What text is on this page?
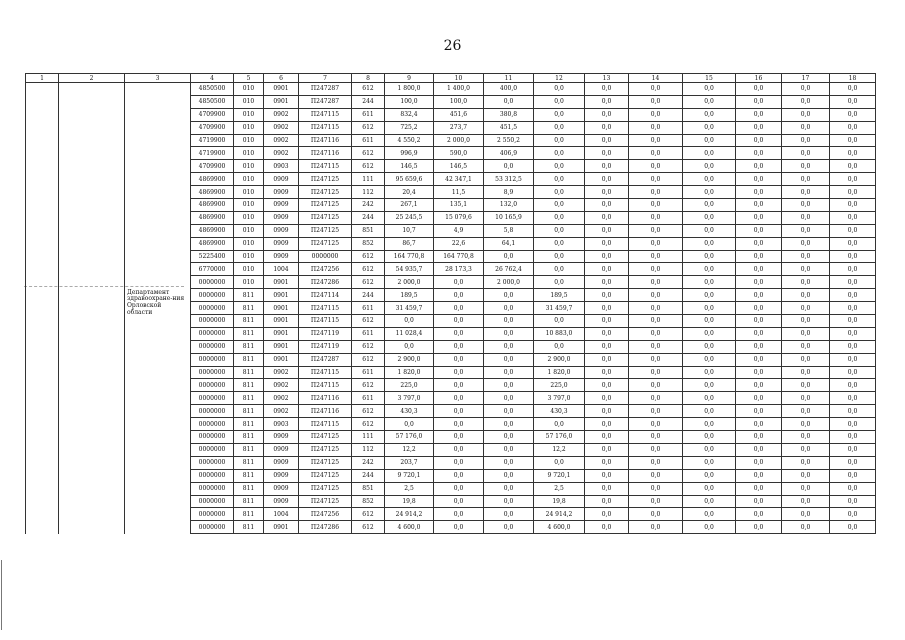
26
1	2	3	4	5	6	7	8	9	10	11	12	13	14	15	16	17	18
			4850500	010	0901	П247287	612	1 800,0	1 400,0	400,0	0,0	0,0	0,0	0,0	0,0	0,0	0,0
			4850500	010	0901	П247287	244	100,0	100,0	0,0	0,0	0,0	0,0	0,0	0,0	0,0	0,0
			4709900	010	0902	П247115	611	832,4	451,6	380,8	0,0	0,0	0,0	0,0	0,0	0,0	0,0
			4709900	010	0902	П247115	612	725,2	273,7	451,5	0,0	0,0	0,0	0,0	0,0	0,0	0,0
			4719900	010	0902	П247116	611	4 550,2	2 000,0	2 550,2	0,0	0,0	0,0	0,0	0,0	0,0	0,0
			4719900	010	0902	П247116	612	996,9	590,0	406,9	0,0	0,0	0,0	0,0	0,0	0,0	0,0
			4709900	010	0903	П247115	612	146,5	146,5	0,0	0,0	0,0	0,0	0,0	0,0	0,0	0,0
			4869900	010	0909	П247125	111	95 659,6	42 347,1	53 312,5	0,0	0,0	0,0	0,0	0,0	0,0	0,0
			4869900	010	0909	П247125	112	20,4	11,5	8,9	0,0	0,0	0,0	0,0	0,0	0,0	0,0
			4869900	010	0909	П247125	242	267,1	135,1	132,0	0,0	0,0	0,0	0,0	0,0	0,0	0,0
			4869900	010	0909	П247125	244	25 245,5	15 079,6	10 165,9	0,0	0,0	0,0	0,0	0,0	0,0	0,0
			4869900	010	0909	П247125	851	10,7	4,9	5,8	0,0	0,0	0,0	0,0	0,0	0,0	0,0
			4869900	010	0909	П247125	852	86,7	22,6	64,1	0,0	0,0	0,0	0,0	0,0	0,0	0,0
			5225400	010	0909	0000000	612	164 770,8	164 770,8	0,0	0,0	0,0	0,0	0,0	0,0	0,0	0,0
			6770000	010	1004	П247256	612	54 935,7	28 173,3	26 762,4	0,0	0,0	0,0	0,0	0,0	0,0	0,0
			0000000	010	0901	П247286	612	2 000,0	0,0	2 000,0	0,0	0,0	0,0	0,0	0,0	0,0	0,0
		Департамент здравоохране-ния Орловской области	0000000	811	0901	П247114	244	189,5	0,0	0,0	189,5	0,0	0,0	0,0	0,0	0,0	0,0
			0000000	811	0901	П247115	611	31 459,7	0,0	0,0	31 459,7	0,0	0,0	0,0	0,0	0,0	0,0
			0000000	811	0901	П247115	612	0,0	0,0	0,0	0,0	0,0	0,0	0,0	0,0	0,0	0,0
			0000000	811	0901	П247119	611	11 028,4	0,0	0,0	10 883,0	0,0	0,0	0,0	0,0	0,0	0,0
			0000000	811	0901	П247119	612	0,0	0,0	0,0	0,0	0,0	0,0	0,0	0,0	0,0	0,0
			0000000	811	0901	П247287	612	2 900,0	0,0	0,0	2 900,0	0,0	0,0	0,0	0,0	0,0	0,0
			0000000	811	0902	П247115	611	1 820,0	0,0	0,0	1 820,0	0,0	0,0	0,0	0,0	0,0	0,0
			0000000	811	0902	П247115	612	225,0	0,0	0,0	225,0	0,0	0,0	0,0	0,0	0,0	0,0
			0000000	811	0902	П247116	611	3 797,0	0,0	0,0	3 797,0	0,0	0,0	0,0	0,0	0,0	0,0
			0000000	811	0902	П247116	612	430,3	0,0	0,0	430,3	0,0	0,0	0,0	0,0	0,0	0,0
			0000000	811	0903	П247115	612	0,0	0,0	0,0	0,0	0,0	0,0	0,0	0,0	0,0	0,0
			0000000	811	0909	П247125	111	57 176,0	0,0	0,0	57 176,0	0,0	0,0	0,0	0,0	0,0	0,0
			0000000	811	0909	П247125	112	12,2	0,0	0,0	12,2	0,0	0,0	0,0	0,0	0,0	0,0
			0000000	811	0909	П247125	242	203,7	0,0	0,0	0,0	0,0	0,0	0,0	0,0	0,0	0,0
			0000000	811	0909	П247125	244	9 720,1	0,0	0,0	9 720,1	0,0	0,0	0,0	0,0	0,0	0,0
			0000000	811	0909	П247125	851	2,5	0,0	0,0	2,5	0,0	0,0	0,0	0,0	0,0	0,0
			0000000	811	0909	П247125	852	19,8	0,0	0,0	19,8	0,0	0,0	0,0	0,0	0,0	0,0
			0000000	811	1004	П247256	612	24 914,2	0,0	0,0	24 914,2	0,0	0,0	0,0	0,0	0,0	0,0
			0000000	811	0901	П247286	612	4 600,0	0,0	0,0	4 600,0	0,0	0,0	0,0	0,0	0,0	0,0
